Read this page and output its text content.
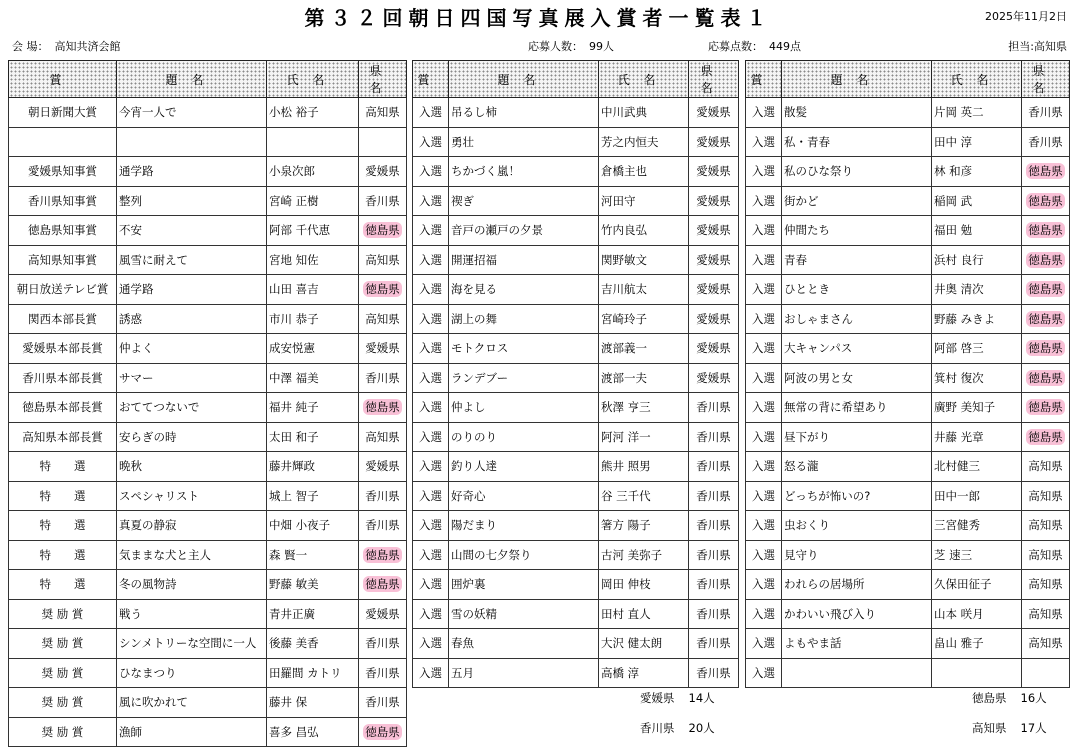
第３２回朝日四国写真展入賞者一覧表１	2025年11月2日
会 場： 高知共済会館	応募人数： 99人	応募点数： 449点	担当:高知県
賞	題名	氏名	県名
朝日新聞大賞	今宵一人で	小松 裕子	高知県

愛媛県知事賞	通学路	小泉次郎	愛媛県
香川県知事賞	整列	宮崎 正樹	香川県
徳島県知事賞	不安	阿部 千代恵	徳島県
高知県知事賞	風雪に耐えて	宮地 知佐	高知県
朝日放送テレビ賞	通学路	山田 喜吉	徳島県
関西本部長賞	誘惑	市川 恭子	高知県
愛媛県本部長賞	仲よく	成安悦憲	愛媛県
香川県本部長賞	サマー	中澤 福美	香川県
徳島県本部長賞	おててつないで	福井 純子	徳島県
高知県本部長賞	安らぎの時	太田 和子	高知県
特　　選	晩秋	藤井輝政	愛媛県
特　　選	スペシャリスト	城上 智子	香川県
特　　選	真夏の静寂	中畑 小夜子	香川県
特　　選	気ままな犬と主人	森 賢一	徳島県
特　　選	冬の風物詩	野藤 敏美	徳島県
奨 励 賞	戦う	青井正廣	愛媛県
奨 励 賞	シンメトリーな空間に一人	後藤 美香	香川県
奨 励 賞	ひなまつり	田羅間 カトリ	香川県
奨 励 賞	風に吹かれて	藤井 保	香川県
奨 励 賞	漁師	喜多 昌弘	徳島県
賞	題名	氏名	県名
入選	吊るし柿	中川武典	愛媛県
入選	勇壮	芳之内恒夫	愛媛県
入選	ちかづく嵐！	倉橋主也	愛媛県
入選	禊ぎ	河田守	愛媛県
入選	音戸の瀬戸の夕景	竹内良弘	愛媛県
入選	開運招福	関野敏文	愛媛県
入選	海を見る	吉川航太	愛媛県
入選	湖上の舞	宮崎玲子	愛媛県
入選	モトクロス	渡部義一	愛媛県
入選	ランデブー	渡部一夫	愛媛県
入選	仲よし	秋澤 亨三	香川県
入選	のりのり	阿河 洋一	香川県
入選	釣り人達	熊井 照男	香川県
入選	好奇心	谷 三千代	香川県
入選	陽だまり	箸方 陽子	香川県
入選	山間の七夕祭り	古河 美弥子	香川県
入選	囲炉裏	岡田 伸枝	香川県
入選	雪の妖精	田村 直人	香川県
入選	春魚	大沢 健太朗	香川県
入選	五月	高橋 淳	香川県
賞	題名	氏名	県名
入選	散髪	片岡 英二	香川県
入選	私・青春	田中 淳	香川県
入選	私のひな祭り	林 和彦	徳島県
入選	街かど	稲岡 武	徳島県
入選	仲間たち	福田 勉	徳島県
入選	青春	浜村 良行	徳島県
入選	ひととき	井奥 清次	徳島県
入選	おしゃまさん	野藤 みきよ	徳島県
入選	大キャンパス	阿部 啓三	徳島県
入選	阿波の男と女	箕村 復次	徳島県
入選	無常の背に希望あり	廣野 美知子	徳島県
入選	昼下がり	井藤 光章	徳島県
入選	怒る瀧	北村健三	高知県
入選	どっちが怖いの?	田中一郎	高知県
入選	虫おくり	三宮健秀	高知県
入選	見守り	芝 速三	高知県
入選	われらの居場所	久保田征子	高知県
入選	かわいい飛び入り	山本 咲月	高知県
入選	よもやま話	畠山 雅子	高知県
入選			
愛媛県 14人
香川県 20人
徳島県 16人
高知県 17人
